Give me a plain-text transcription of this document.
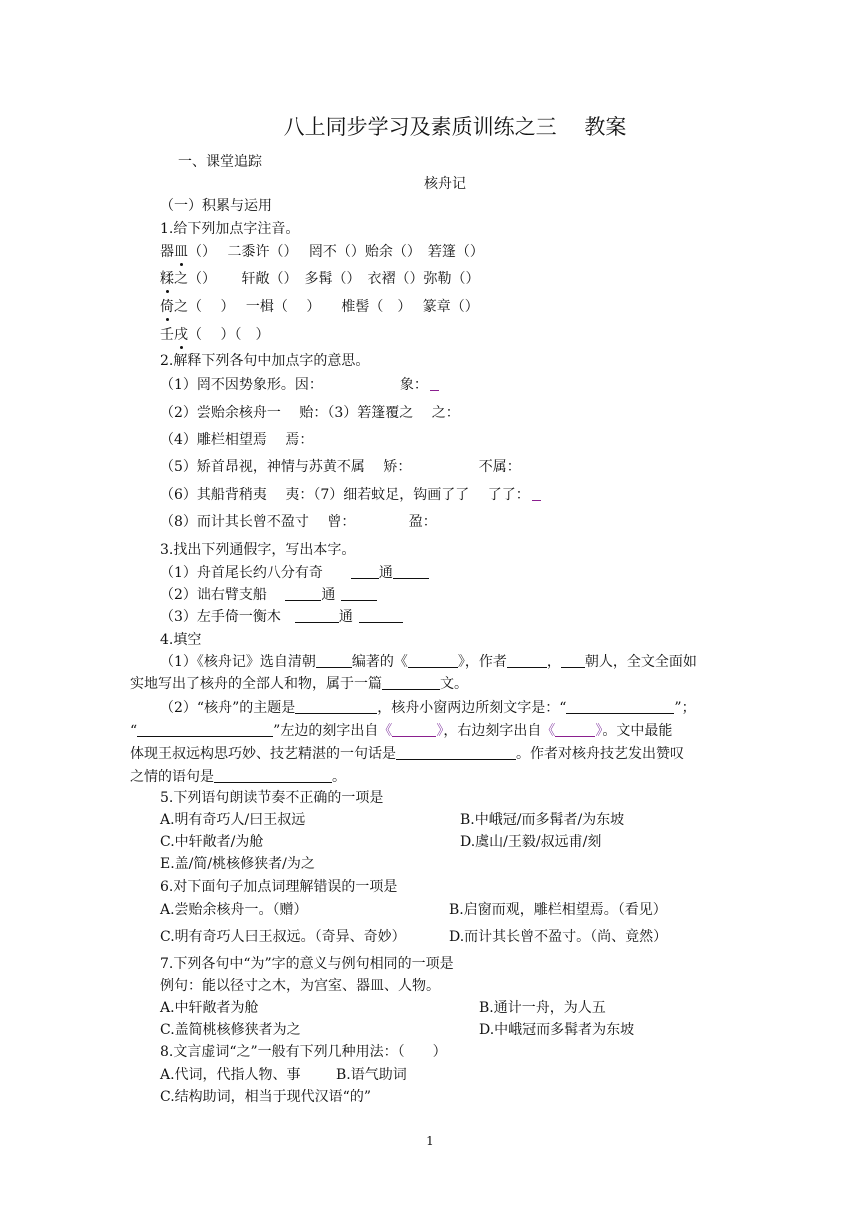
八上同步学习及素质训练之三　 教案
一、课堂追踪
核舟记
（一）积累与运用
1.给下列加点字注音。
器皿（）　 二黍许（）　 罔不（）贻余（）　箬篷（）
糅之（）　　 轩敞（）　多髯（）　衣褶（）弥勒（）
倚之（　 ）　 一楫（　 ）　　椎髻（　）　 篆章（）
壬戌（　 ）（　）
2.解释下列各句中加点字的意思。
（1）罔不因势象形。因：　　　　　　象：
（2）尝贻余核舟一　 贻：（3）箬篷覆之　 之：
（4）雕栏相望焉　 焉：
（5）矫首昂视，神情与苏黄不属　 矫：　　　　　 不属：
（6）其船背稍夷　 夷：（7）细若蚊足，钩画了了　 了了：
（8）而计其长曾不盈寸　 曾：　　　　 盈：
3.找出下列通假字，写出本字。
（1）舟首尾长约八分有奇　　通
（2）诎右臂支船　	通
（3）左手倚一衡木　	通
4.填空
（1）《核舟记》选自清朝	编著的《	》，作者	， 朝人，全文全面如
实地写出了核舟的全部人和物，属于一篇	文。
（2）“核舟”的主题是	，核舟小窗两边所刻文字是：“	”；
“	”左边的刻字出自《	》，右边刻字出自《	》。文中最能
体现王叔远构思巧妙、技艺精湛的一句话是	。作者对核舟技艺发出赞叹
之情的语句是	。
5.下列语句朗读节奏不正确的一项是
A.明有奇巧人/曰王叔远	B.中峨冠/而多髯者/为东坡
C.中轩敞者/为舱	D.虞山/王毅/叔远甫/刻
E.盖/简/桃核修狭者/为之
6.对下面句子加点词理解错误的一项是
A.尝贻余核舟一。（赠）	B.启窗而观，雕栏相望焉。（看见）
C.明有奇巧人曰王叔远。（奇异、奇妙）	D.而计其长曾不盈寸。（尚、竟然）
7.下列各句中“为”字的意义与例句相同的一项是
例句：能以径寸之木，为宫室、器皿、人物。
A.中轩敞者为舱	B.通计一舟，为人五
C.盖简桃核修狭者为之	D.中峨冠而多髯者为东坡
8.文言虚词“之”一般有下列几种用法：（　　）
A.代词，代指人物、事	B.语气助词
C.结构助词，相当于现代汉语“的”
1
